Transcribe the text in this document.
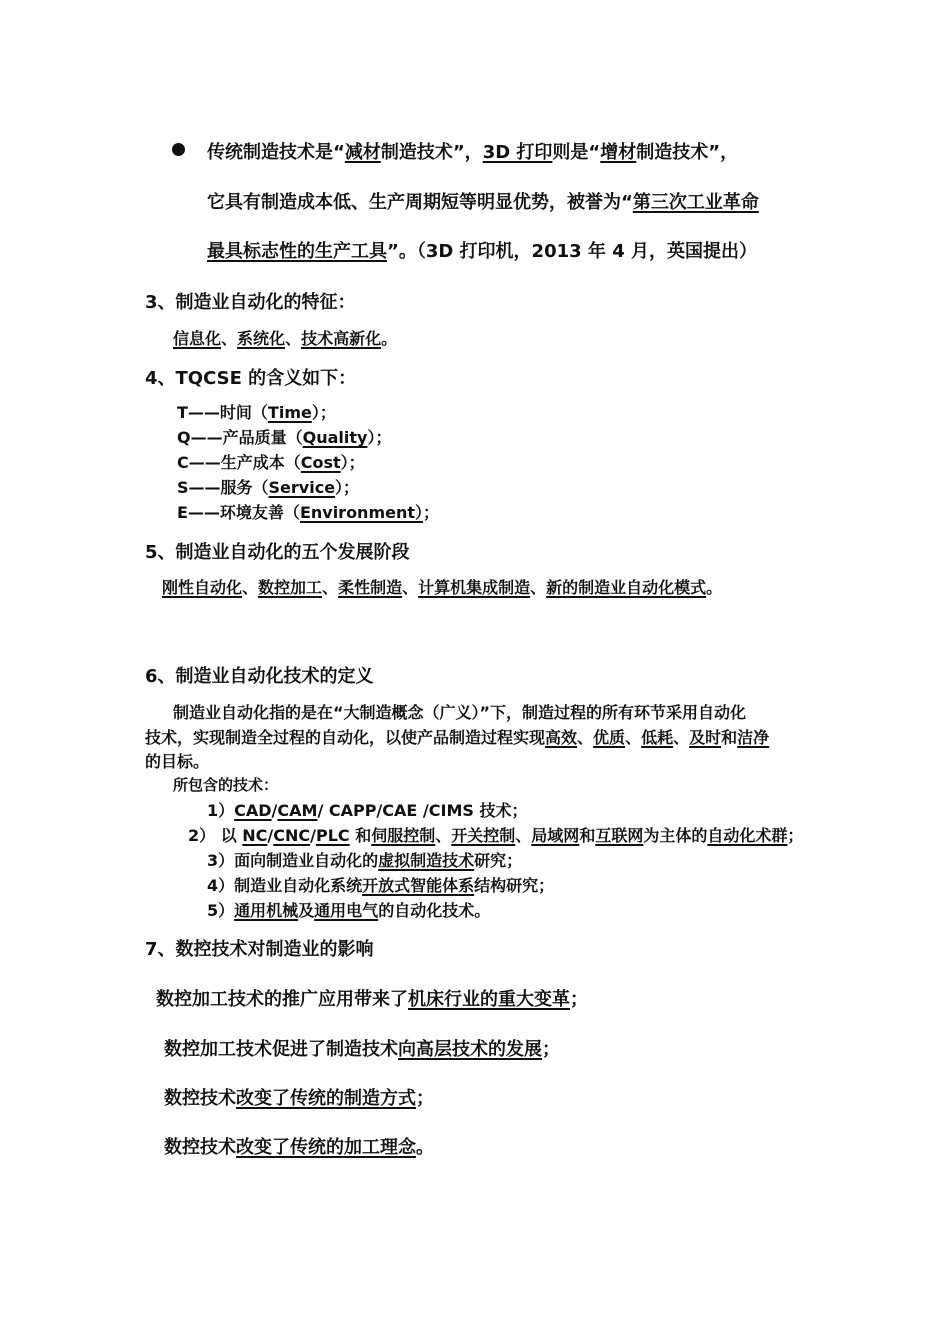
传统制造技术是“减材制造技术”，3D 打印则是“增材制造技术”，
它具有制造成本低、生产周期短等明显优势，被誉为“第三次工业革命
最具标志性的生产工具”。（3D 打印机，2013 年 4 月，英国提出）
3、制造业自动化的特征：
信息化、系统化、技术高新化。
4、TQCSE 的含义如下：
T——时间（Time）；
Q——产品质量（Quality）；
C——生产成本（Cost）；
S——服务（Service）；
E——环境友善（Environment）；
5、制造业自动化的五个发展阶段
刚性自动化、数控加工、柔性制造、计算机集成制造、新的制造业自动化模式。
6、制造业自动化技术的定义
制造业自动化指的是在“大制造概念（广义）”下，制造过程的所有环节采用自动化
技术，实现制造全过程的自动化，以使产品制造过程实现高效、优质、低耗、及时和洁净
的目标。
所包含的技术：
1）CAD/CAM/ CAPP/CAE /CIMS 技术；
2） 以 NC/CNC/PLC 和伺服控制、开关控制、局域网和互联网为主体的自动化术群；
3）面向制造业自动化的虚拟制造技术研究；
4）制造业自动化系统开放式智能体系结构研究；
5）通用机械及通用电气的自动化技术。
7、数控技术对制造业的影响
数控加工技术的推广应用带来了机床行业的重大变革；
数控加工技术促进了制造技术向高层技术的发展；
数控技术改变了传统的制造方式；
数控技术改变了传统的加工理念。
